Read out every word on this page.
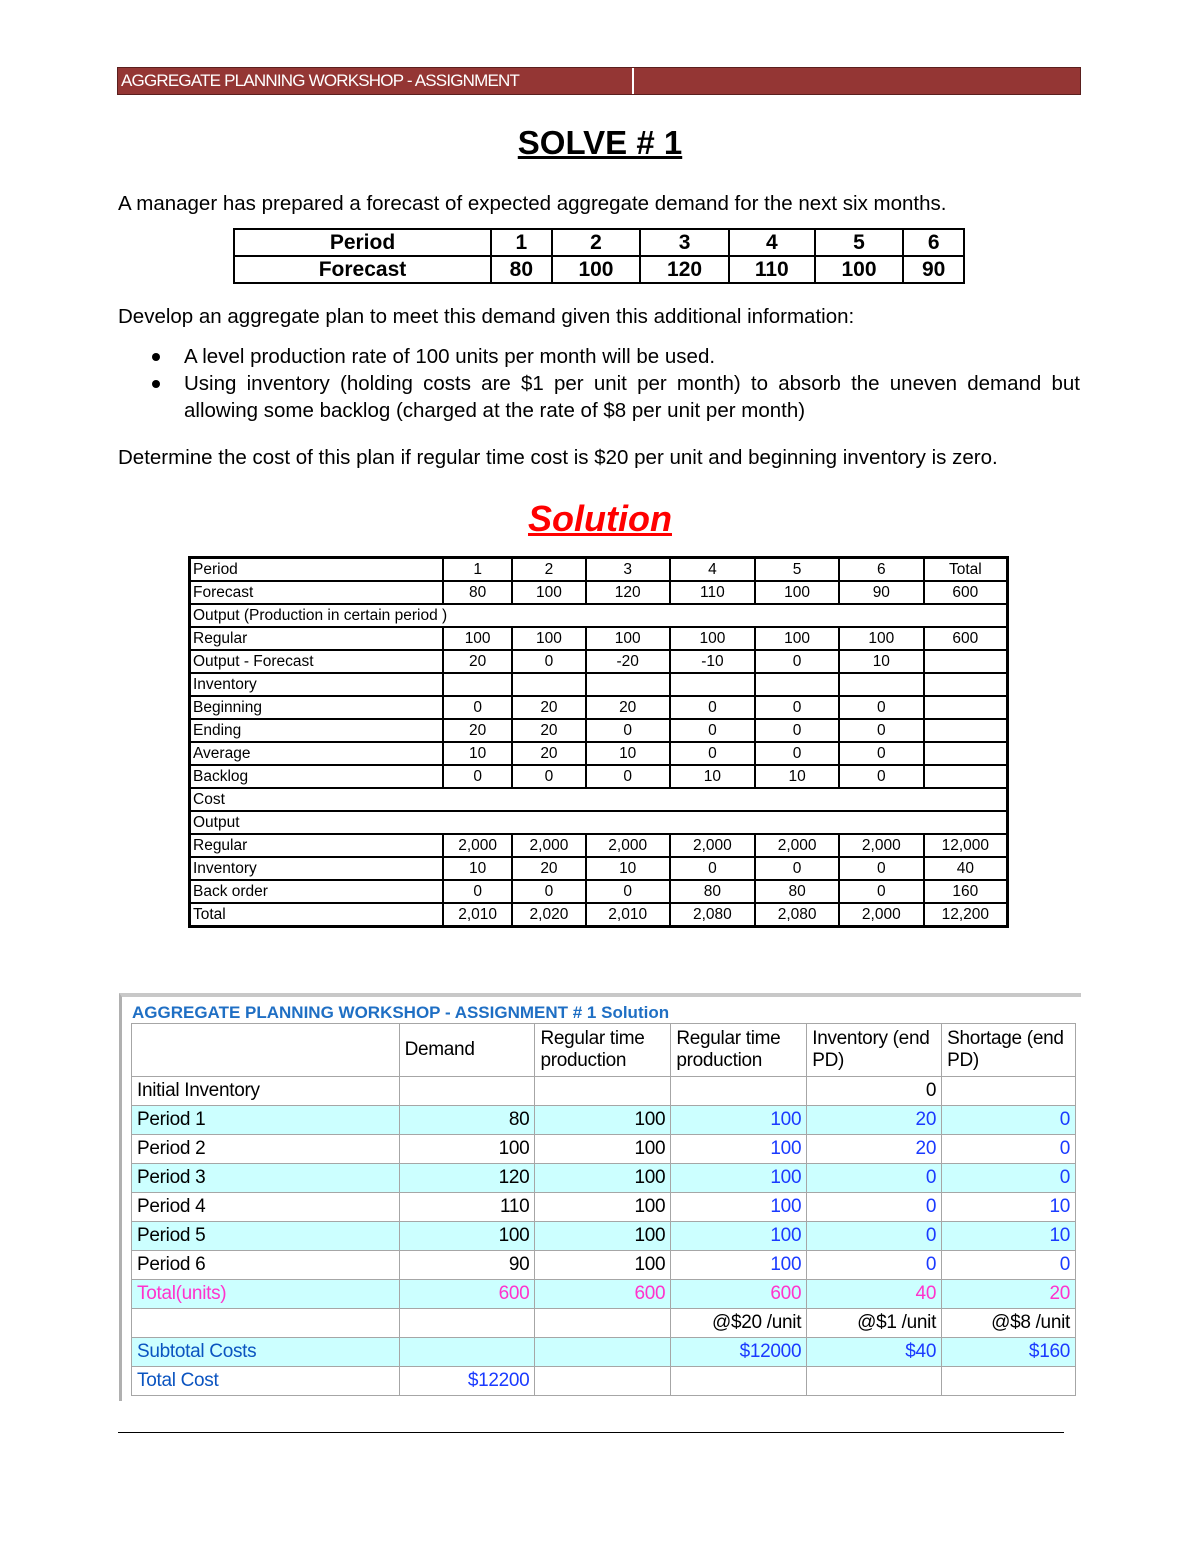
AGGREGATE PLANNING WORKSHOP - ASSIGNMENT
SOLVE # 1
A manager has prepared a forecast of expected aggregate demand for the next six months.
Period	1	2	3	4	5	6
Forecast	80	100	120	110	100	90
Develop an aggregate plan to meet this demand given this additional information:
A level production rate of 100 units per month will be used.
Using inventory (holding costs are $1 per unit per month) to absorb the uneven demand but allowing some backlog (charged at the rate of $8 per unit per month)
Determine the cost of this plan if regular time cost is $20 per unit and beginning inventory is zero.
Solution
Period	1	2	3	4	5	6	Total
Forecast	80	100	120	110	100	90	600
Output (Production in certain period )							
Regular	100	100	100	100	100	100	600
Output - Forecast	20	0	-20	-10	0	10	
Inventory							
Beginning	0	20	20	0	0	0	
Ending	20	20	0	0	0	0	
Average	10	20	10	0	0	0	
Backlog	0	0	0	10	10	0	
Cost							
Output							
Regular	2,000	2,000	2,000	2,000	2,000	2,000	12,000
Inventory	10	20	10	0	0	0	40
Back order	0	0	0	80	80	0	160
Total	2,010	2,020	2,010	2,080	2,080	2,000	12,200
AGGREGATE PLANNING WORKSHOP - ASSIGNMENT # 1 Solution
	Demand	Regular time production	Regular time production	Inventory (end PD)	Shortage (end PD)
Initial Inventory				0	
Period 1	80	100	100	20	0
Period 2	100	100	100	20	0
Period 3	120	100	100	0	0
Period 4	110	100	100	0	10
Period 5	100	100	100	0	10
Period 6	90	100	100	0	0
Total(units)	600	600	600	40	20
			@$20 /unit	@$1 /unit	@$8 /unit
Subtotal Costs			$12000	$40	$160
Total Cost	$12200				
